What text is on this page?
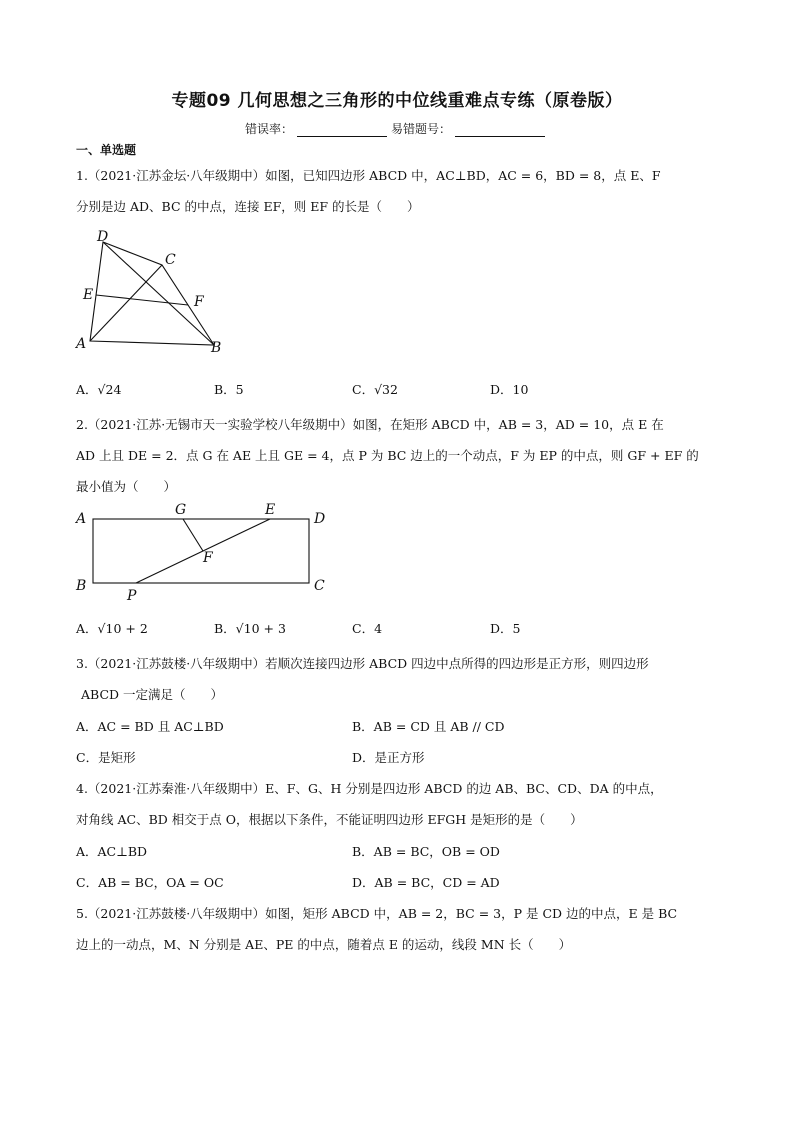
专题09 几何思想之三角形的中位线重难点专练（原卷版）
错误率：	易错题号：
一、单选题

1.（2021·江苏金坛·八年级期中）如图，已知四边形 ABCD 中，AC⊥BD，AC = 6，BD = 8，点 E、F

分别是边 AD、BC 的中点，连接 EF，则 EF 的长是（　　）

D
C
E	F
A	B
A．√24	B．5	C．√32	D．10

2.（2021·江苏·无锡市天一实验学校八年级期中）如图，在矩形 ABCD 中，AB = 3，AD = 10，点 E 在

AD 上且 DE = 2．点 G 在 AE 上且 GE = 4，点 P 为 BC 边上的一个动点，F 为 EP 的中点，则 GF + EF 的

最小值为（　　）

A
G	E
D
F
B
P
C
A．√10 + 2	B．√10 + 3	C．4	D．5

3.（2021·江苏鼓楼·八年级期中）若顺次连接四边形 ABCD 四边中点所得的四边形是正方形，则四边形

ABCD 一定满足（　　）

A．AC = BD 且 AC⊥BD	B．AB = CD 且 AB // CD
C．是矩形	D．是正方形

4.（2021·江苏秦淮·八年级期中）E、F、G、H 分别是四边形 ABCD 的边 AB、BC、CD、DA 的中点，

对角线 AC、BD 相交于点 O，根据以下条件，不能证明四边形 EFGH 是矩形的是（　　）

A．AC⊥BD	B．AB = BC，OB = OD
C．AB = BC，OA = OC	D．AB = BC，CD = AD

5.（2021·江苏鼓楼·八年级期中）如图，矩形 ABCD 中，AB = 2，BC = 3，P 是 CD 边的中点，E 是 BC

边上的一动点，M、N 分别是 AE、PE 的中点，随着点 E 的运动，线段 MN 长（　　）
